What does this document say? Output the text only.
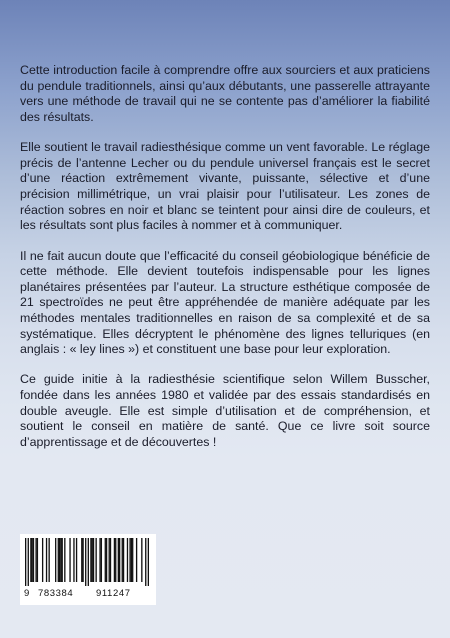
Cette introduction facile à comprendre offre aux sourciers et aux praticiens du pendule traditionnels, ainsi qu’aux débutants, une passerelle attrayante vers une méthode de travail qui ne se contente pas d’améliorer la fiabilité des résultats.

Elle soutient le travail radiesthésique comme un vent favorable. Le réglage précis de l’antenne Lecher ou du pendule universel français est le secret d’une réaction extrêmement vivante, puissante, sélective et d’une précision millimétrique, un vrai plaisir pour l’utilisateur. Les zones de réaction sobres en noir et blanc se teintent pour ainsi dire de couleurs, et les résultats sont plus faciles à nommer et à communiquer.

Il ne fait aucun doute que l’efficacité du conseil géobiologique bénéficie de cette méthode. Elle devient toutefois indispensable pour les lignes planétaires présentées par l’auteur. La structure esthétique composée de 21 spectroïdes ne peut être appréhendée de manière adéquate par les méthodes mentales traditionnelles en raison de sa complexité et de sa systématique. Elles décryptent le phénomène des lignes telluriques (en anglais : « ley lines ») et constituent une base pour leur exploration.

Ce guide initie à la radiesthésie scientifique selon Willem Busscher, fondée dans les années 1980 et validée par des essais standardisés en double aveugle. Elle est simple d’utilisation et de compréhension, et soutient le conseil en matière de santé. Que ce livre soit source d’apprentissage et de découvertes !

9 783384 911247
